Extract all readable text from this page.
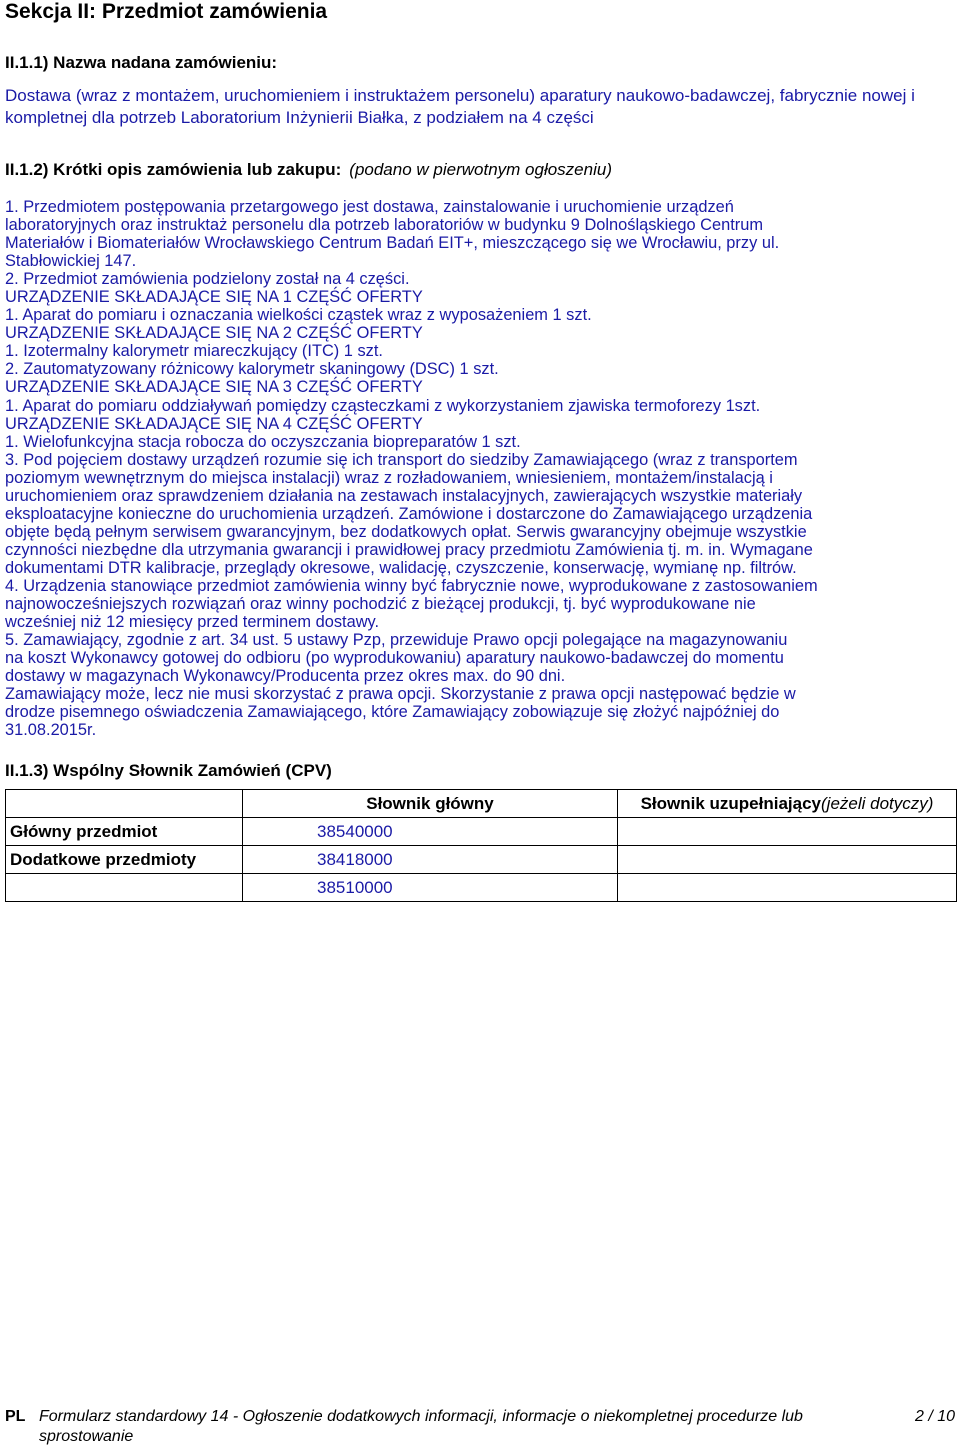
Sekcja II: Przedmiot zamówienia
II.1.1) Nazwa nadana zamówieniu:
Dostawa (wraz z montażem, uruchomieniem i instruktażem personelu) aparatury naukowo-badawczej, fabrycznie nowej i kompletnej dla potrzeb Laboratorium Inżynierii Białka, z podziałem na 4 części
II.1.2) Krótki opis zamówienia lub zakupu: (podano w pierwotnym ogłoszeniu)
1. Przedmiotem postępowania przetargowego jest dostawa, zainstalowanie i uruchomienie urządzeń
laboratoryjnych oraz instruktaż personelu dla potrzeb laboratoriów w budynku 9 Dolnośląskiego Centrum
Materiałów i Biomateriałów Wrocławskiego Centrum Badań EIT+, mieszczącego się we Wrocławiu, przy ul.
Stabłowickiej 147.
2. Przedmiot zamówienia podzielony został na 4 części.
URZĄDZENIE SKŁADAJĄCE SIĘ NA 1 CZĘŚĆ OFERTY
1. Aparat do pomiaru i oznaczania wielkości cząstek wraz z wyposażeniem 1 szt.
URZĄDZENIE SKŁADAJĄCE SIĘ NA 2 CZĘŚĆ OFERTY
1. Izotermalny kalorymetr miareczkujący (ITC) 1 szt.
2. Zautomatyzowany różnicowy kalorymetr skaningowy (DSC) 1 szt.
URZĄDZENIE SKŁADAJĄCE SIĘ NA 3 CZĘŚĆ OFERTY
1. Aparat do pomiaru oddziaływań pomiędzy cząsteczkami z wykorzystaniem zjawiska termoforezy 1szt.
URZĄDZENIE SKŁADAJĄCE SIĘ NA 4 CZĘŚĆ OFERTY
1. Wielofunkcyjna stacja robocza do oczyszczania biopreparatów 1 szt.
3. Pod pojęciem dostawy urządzeń rozumie się ich transport do siedziby Zamawiającego (wraz z transportem
poziomym wewnętrznym do miejsca instalacji) wraz z rozładowaniem, wniesieniem, montażem/instalacją i
uruchomieniem oraz sprawdzeniem działania na zestawach instalacyjnych, zawierających wszystkie materiały
eksploatacyjne konieczne do uruchomienia urządzeń. Zamówione i dostarczone do Zamawiającego urządzenia
objęte będą pełnym serwisem gwarancyjnym, bez dodatkowych opłat. Serwis gwarancyjny obejmuje wszystkie
czynności niezbędne dla utrzymania gwarancji i prawidłowej pracy przedmiotu Zamówienia tj. m. in. Wymagane
dokumentami DTR kalibracje, przeglądy okresowe, walidację, czyszczenie, konserwację, wymianę np. filtrów.
4. Urządzenia stanowiące przedmiot zamówienia winny być fabrycznie nowe, wyprodukowane z zastosowaniem
najnowocześniejszych rozwiązań oraz winny pochodzić z bieżącej produkcji, tj. być wyprodukowane nie
wcześniej niż 12 miesięcy przed terminem dostawy.
5. Zamawiający, zgodnie z art. 34 ust. 5 ustawy Pzp, przewiduje Prawo opcji polegające na magazynowaniu
na koszt Wykonawcy gotowej do odbioru (po wyprodukowaniu) aparatury naukowo-badawczej do momentu
dostawy w magazynach Wykonawcy/Producenta przez okres max. do 90 dni.
Zamawiający może, lecz nie musi skorzystać z prawa opcji. Skorzystanie z prawa opcji następować będzie w
drodze pisemnego oświadczenia Zamawiającego, które Zamawiający zobowiązuje się złożyć najpóźniej do
31.08.2015r.
II.1.3) Wspólny Słownik Zamówień (CPV)
	Słownik główny	Słownik uzupełniający(jeżeli dotyczy)
Główny przedmiot	38540000	
Dodatkowe przedmioty	38418000	
	38510000	
PL Formularz standardowy 14 - Ogłoszenie dodatkowych informacji, informacje o niekompletnej procedurze lub sprostowanie
2 / 10
